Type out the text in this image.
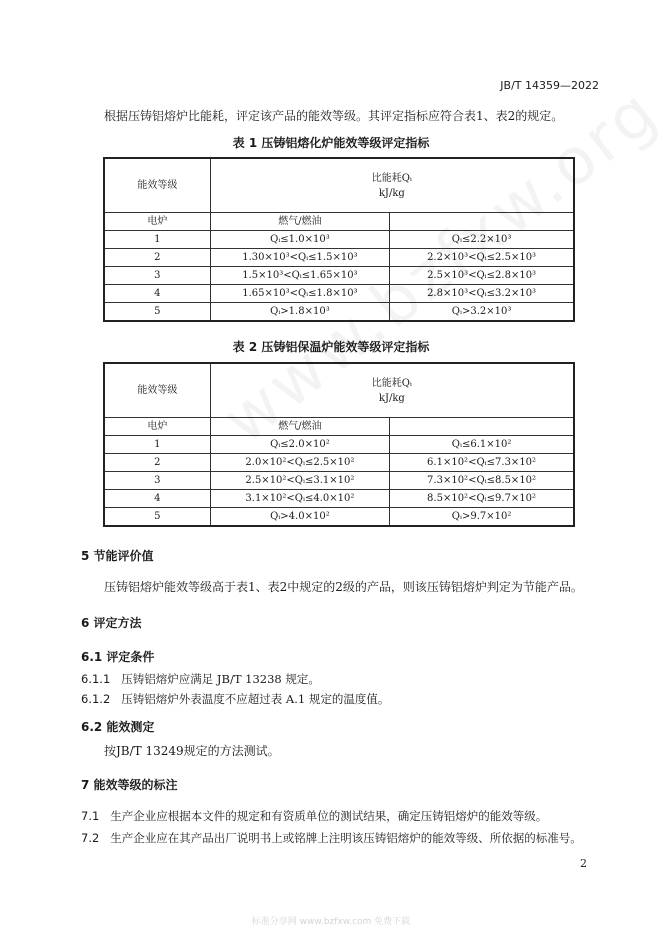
JB/T 14359—2022
根据压铸铝熔炉比能耗，评定该产品的能效等级。其评定指标应符合表1、表2的规定。
表 1 压铸铝熔化炉能效等级评定指标
能效等级	比能耗Qᵢ
kJ/kg	

电炉	燃气/燃油	
1	Qᵢ≤1.0×10³	Qᵢ≤2.2×10³
2	1.30×10³<Qᵢ≤1.5×10³	2.2×10³<Qᵢ≤2.5×10³
3	1.5×10³<Qᵢ≤1.65×10³	2.5×10³<Qᵢ≤2.8×10³
4	1.65×10³<Qᵢ≤1.8×10³	2.8×10³<Qᵢ≤3.2×10³
5	Qᵢ>1.8×10³	Qᵢ>3.2×10³
表 2 压铸铝保温炉能效等级评定指标
能效等级	比能耗Qᵢ
kJ/kg	

电炉	燃气/燃油	
1	Qᵢ≤2.0×10²	Qᵢ≤6.1×10²
2	2.0×10²<Qᵢ≤2.5×10²	6.1×10²<Qᵢ≤7.3×10²
3	2.5×10²<Qᵢ≤3.1×10²	7.3×10²<Qᵢ≤8.5×10²
4	3.1×10²<Qᵢ≤4.0×10²	8.5×10²<Qᵢ≤9.7×10²
5	Qᵢ>4.0×10²	Qᵢ>9.7×10²
5 节能评价值
压铸铝熔炉能效等级高于表1、表2中规定的2级的产品，则该压铸铝熔炉判定为节能产品。
6 评定方法
6.1 评定条件
6.1.1 压铸铝熔炉应满足 JB/T 13238 规定。
6.1.2 压铸铝熔炉外表温度不应超过表 A.1 规定的温度值。
6.2 能效测定
按JB/T 13249规定的方法测试。
7 能效等级的标注
7.1 生产企业应根据本文件的规定和有资质单位的测试结果，确定压铸铝熔炉的能效等级。
7.2 生产企业应在其产品出厂说明书上或铭牌上注明该压铸铝熔炉的能效等级、所依据的标准号。
2
标准分享网 www.bzfxw.com 免费下载
